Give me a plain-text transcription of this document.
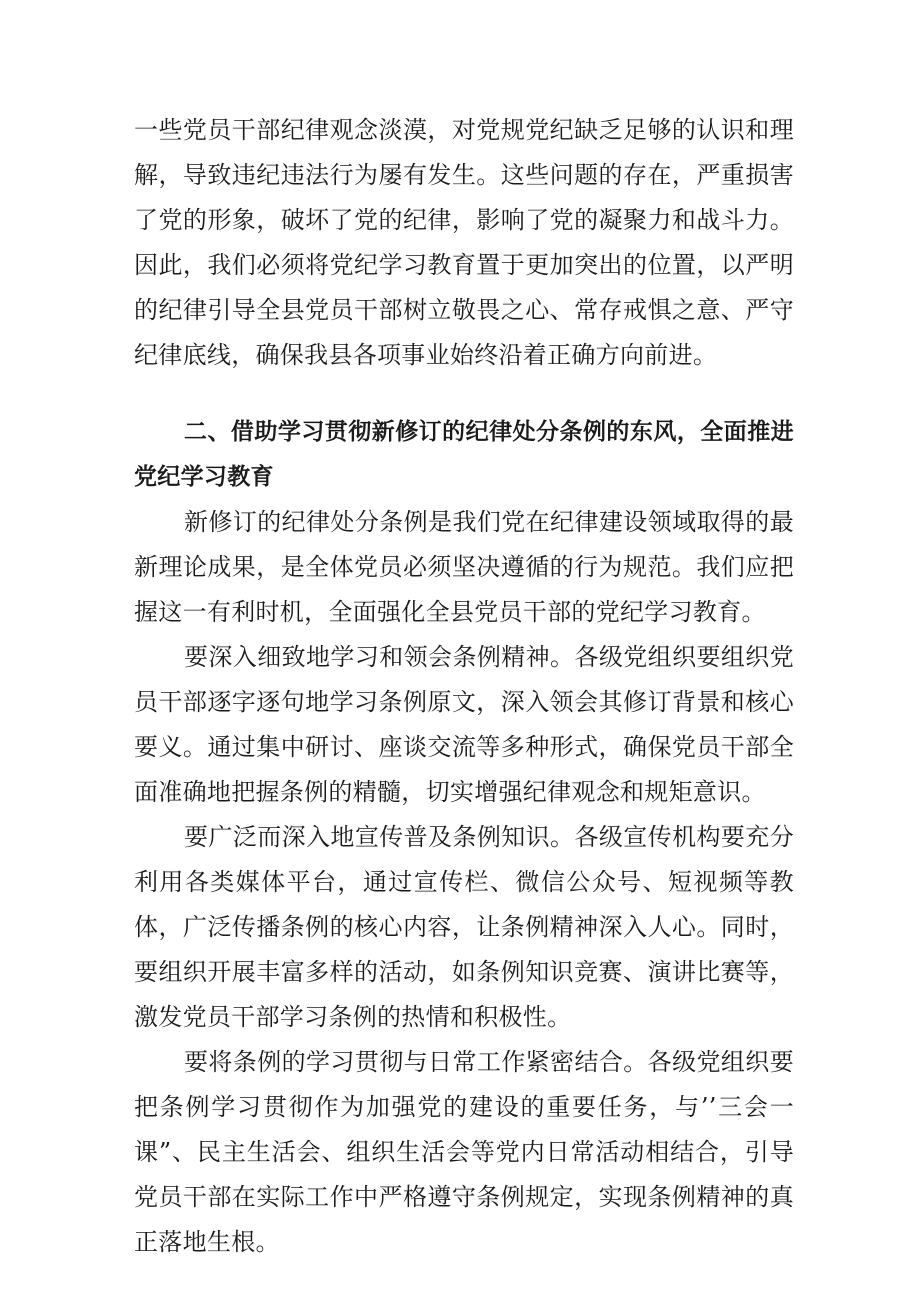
一些党员干部纪律观念淡漠，对党规党纪缺乏足够的认识和理解，导致违纪违法行为屡有发生。这些问题的存在，严重损害了党的形象，破坏了党的纪律，影响了党的凝聚力和战斗力。因此，我们必须将党纪学习教育置于更加突出的位置，以严明的纪律引导全县党员干部树立敬畏之心、常存戒惧之意、严守纪律底线，确保我县各项事业始终沿着正确方向前进。

二、借助学习贯彻新修订的纪律处分条例的东风，全面推进党纪学习教育

新修订的纪律处分条例是我们党在纪律建设领域取得的最新理论成果，是全体党员必须坚决遵循的行为规范。我们应把握这一有利时机，全面强化全县党员干部的党纪学习教育。

要深入细致地学习和领会条例精神。各级党组织要组织党员干部逐字逐句地学习条例原文，深入领会其修订背景和核心要义。通过集中研讨、座谈交流等多种形式，确保党员干部全面准确地把握条例的精髓，切实增强纪律观念和规矩意识。

要广泛而深入地宣传普及条例知识。各级宣传机构要充分利用各类媒体平台，通过宣传栏、微信公众号、短视频等教体，广泛传播条例的核心内容，让条例精神深入人心。同时，要组织开展丰富多样的活动，如条例知识竞赛、演讲比赛等，激发党员干部学习条例的热情和积极性。

要将条例的学习贯彻与日常工作紧密结合。各级党组织要把条例学习贯彻作为加强党的建设的重要任务，与’’三会一课”、民主生活会、组织生活会等党内日常活动相结合，引导党员干部在实际工作中严格遵守条例规定，实现条例精神的真正落地生根。
